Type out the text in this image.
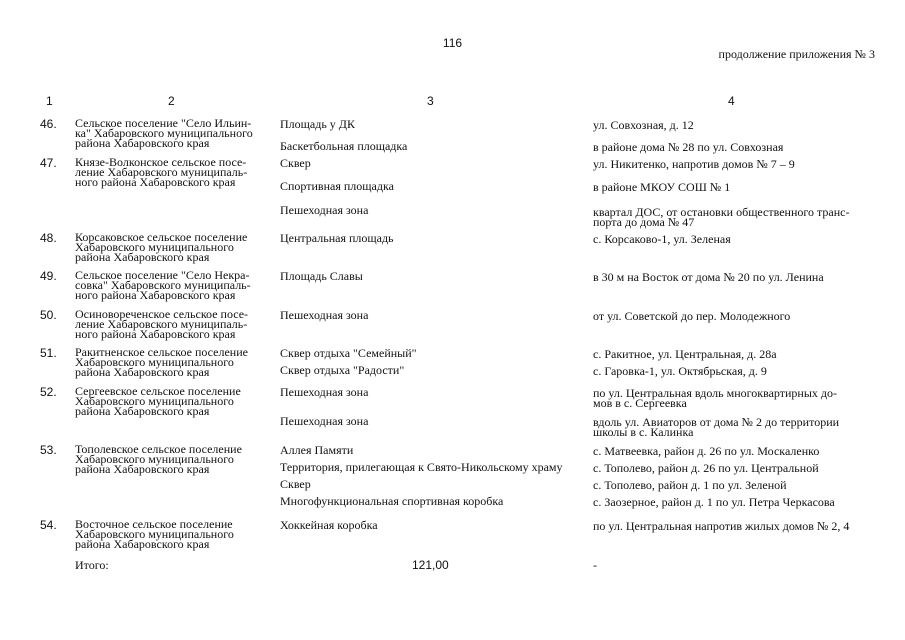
116
продолжение приложения № 3
1	2	3	4
46. Сельское поселение "Село Ильин-
ка" Хабаровского муниципального
района Хабаровского края
Площадь у ДК	ул. Совхозная, д. 12
Баскетбольная площадка	в районе дома № 28 по ул. Совхозная
47. Князе-Волконское сельское посе-
ление Хабаровского муниципаль-
ного района Хабаровского края
Сквер	ул. Никитенко, напротив домов № 7 – 9
Спортивная площадка	в районе МКОУ СОШ № 1
Пешеходная зона	квартал ДОС, от остановки общественного транс-
порта до дома № 47
48. Корсаковское сельское поселение
Хабаровского муниципального
района Хабаровского края
Центральная площадь	с. Корсаково-1, ул. Зеленая
49. Сельское поселение "Село Некра-
совка" Хабаровского муниципаль-
ного района Хабаровского края
Площадь Славы	в 30 м на Восток от дома № 20 по ул. Ленина
50. Осиновореченское сельское посе-
ление Хабаровского муниципаль-
ного района Хабаровского края
Пешеходная зона	от ул. Советской до пер. Молодежного
51. Ракитненское сельское поселение
Хабаровского муниципального
района Хабаровского края
Сквер отдыха "Семейный"	с. Ракитное, ул. Центральная, д. 28а
Сквер отдыха "Радости"	с. Гаровка-1, ул. Октябрьская, д. 9
52. Сергеевское сельское поселение
Хабаровского муниципального
района Хабаровского края
Пешеходная зона	по ул. Центральная вдоль многоквартирных до-
мов в с. Сергеевка
Пешеходная зона	вдоль ул. Авиаторов от дома № 2 до территории
школы в с. Калинка
53. Тополевское сельское поселение
Хабаровского муниципального
района Хабаровского края
Аллея Памяти	с. Матвеевка, район д. 26 по ул. Москаленко
Территория, прилегающая к Свято-Никольскому храму	с. Тополево, район д. 26 по ул. Центральной
Сквер	с. Тополево, район д. 1 по ул. Зеленой
Многофункциональная спортивная коробка	с. Заозерное, район д. 1 по ул. Петра Черкасова
54. Восточное сельское поселение
Хабаровского муниципального
района Хабаровского края
Хоккейная коробка	по ул. Центральная напротив жилых домов № 2, 4
Итого:	121,00	-
